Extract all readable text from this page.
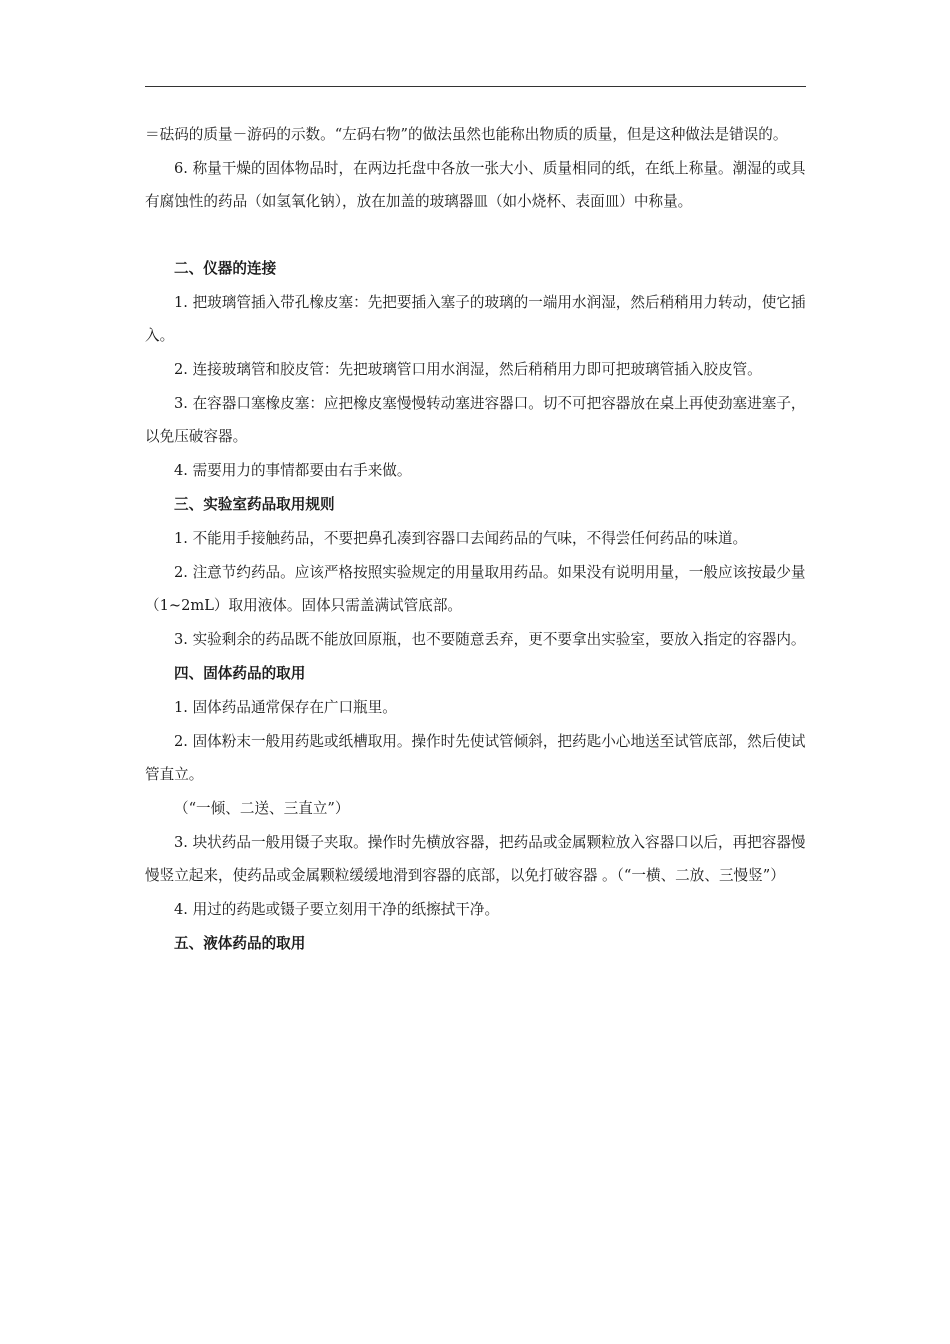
＝砝码的质量－游码的示数。“左码右物”的做法虽然也能称出物质的质量，但是这种做法是错误的。

6. 称量干燥的固体物品时，在两边托盘中各放一张大小、质量相同的纸，在纸上称量。潮湿的或具有腐蚀性的药品（如氢氧化钠），放在加盖的玻璃器皿（如小烧杯、表面皿）中称量。

二、仪器的连接

1. 把玻璃管插入带孔橡皮塞：先把要插入塞子的玻璃的一端用水润湿，然后稍稍用力转动，使它插入。

2. 连接玻璃管和胶皮管：先把玻璃管口用水润湿，然后稍稍用力即可把玻璃管插入胶皮管。

3. 在容器口塞橡皮塞：应把橡皮塞慢慢转动塞进容器口。切不可把容器放在桌上再使劲塞进塞子，以免压破容器。

4. 需要用力的事情都要由右手来做。

三、实验室药品取用规则

1. 不能用手接触药品，不要把鼻孔凑到容器口去闻药品的气味，不得尝任何药品的味道。

2. 注意节约药品。应该严格按照实验规定的用量取用药品。如果没有说明用量，一般应该按最少量（1~2mL）取用液体。固体只需盖满试管底部。

3. 实验剩余的药品既不能放回原瓶，也不要随意丢弃，更不要拿出实验室，要放入指定的容器内。

四、固体药品的取用

1. 固体药品通常保存在广口瓶里。

2. 固体粉末一般用药匙或纸槽取用。操作时先使试管倾斜，把药匙小心地送至试管底部，然后使试管直立。

（“一倾、二送、三直立”）

3. 块状药品一般用镊子夹取。操作时先横放容器，把药品或金属颗粒放入容器口以后，再把容器慢慢竖立起来，使药品或金属颗粒缓缓地滑到容器的底部，以免打破容器 。（“一横、二放、三慢竖”）

4. 用过的药匙或镊子要立刻用干净的纸擦拭干净。

五、液体药品的取用
